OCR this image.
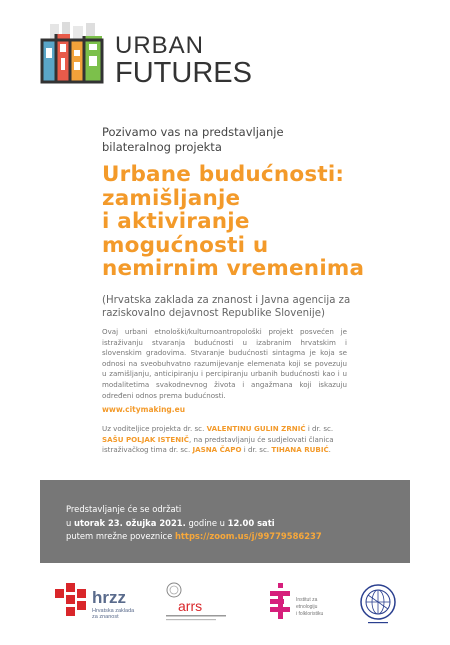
URBAN
FUTURES
Pozivamo vas na predstavljanje
bilateralnog projekta
Urbane budućnosti:
zamišljanje
i aktiviranje
mogućnosti u
nemirnim vremenima
(Hrvatska zaklada za znanost i Javna agencija za raziskovalno dejavnost Republike Slovenije)
Ovaj urbani etnološki/kulturnoantropološki projekt posvećen je istraživanju stvaranja budućnosti u izabranim hrvatskim i slovenskim gradovima. Stvaranje budućnosti sintagma je koja se odnosi na sveobuhvatno razumijevanje elemenata koji se povezuju u zamišljanju, anticipiranju i percipiranju urbanih budućnosti kao i u modalitetima svakodnevnog života i angažmana koji iskazuju određeni odnos prema budućnosti.
www.citymaking.eu
Uz voditeljice projekta dr. sc. VALENTINU GULIN ZRNIĆ i dr. sc. SAŠU POLJAK ISTENIČ, na predstavljanju će sudjelovati članica istraživačkog tima dr. sc. JASNA ČAPO i dr. sc. TIHANA RUBIĆ.
Predstavljanje će se održati
u utorak 23. ožujka 2021. godine u 12.00 sati
putem mrežne poveznice https://zoom.us/j/99779586237
hrzz
Hrvatska zaklada
za znanost
arrs	Institut za
etnologiju
i folkloristiku
